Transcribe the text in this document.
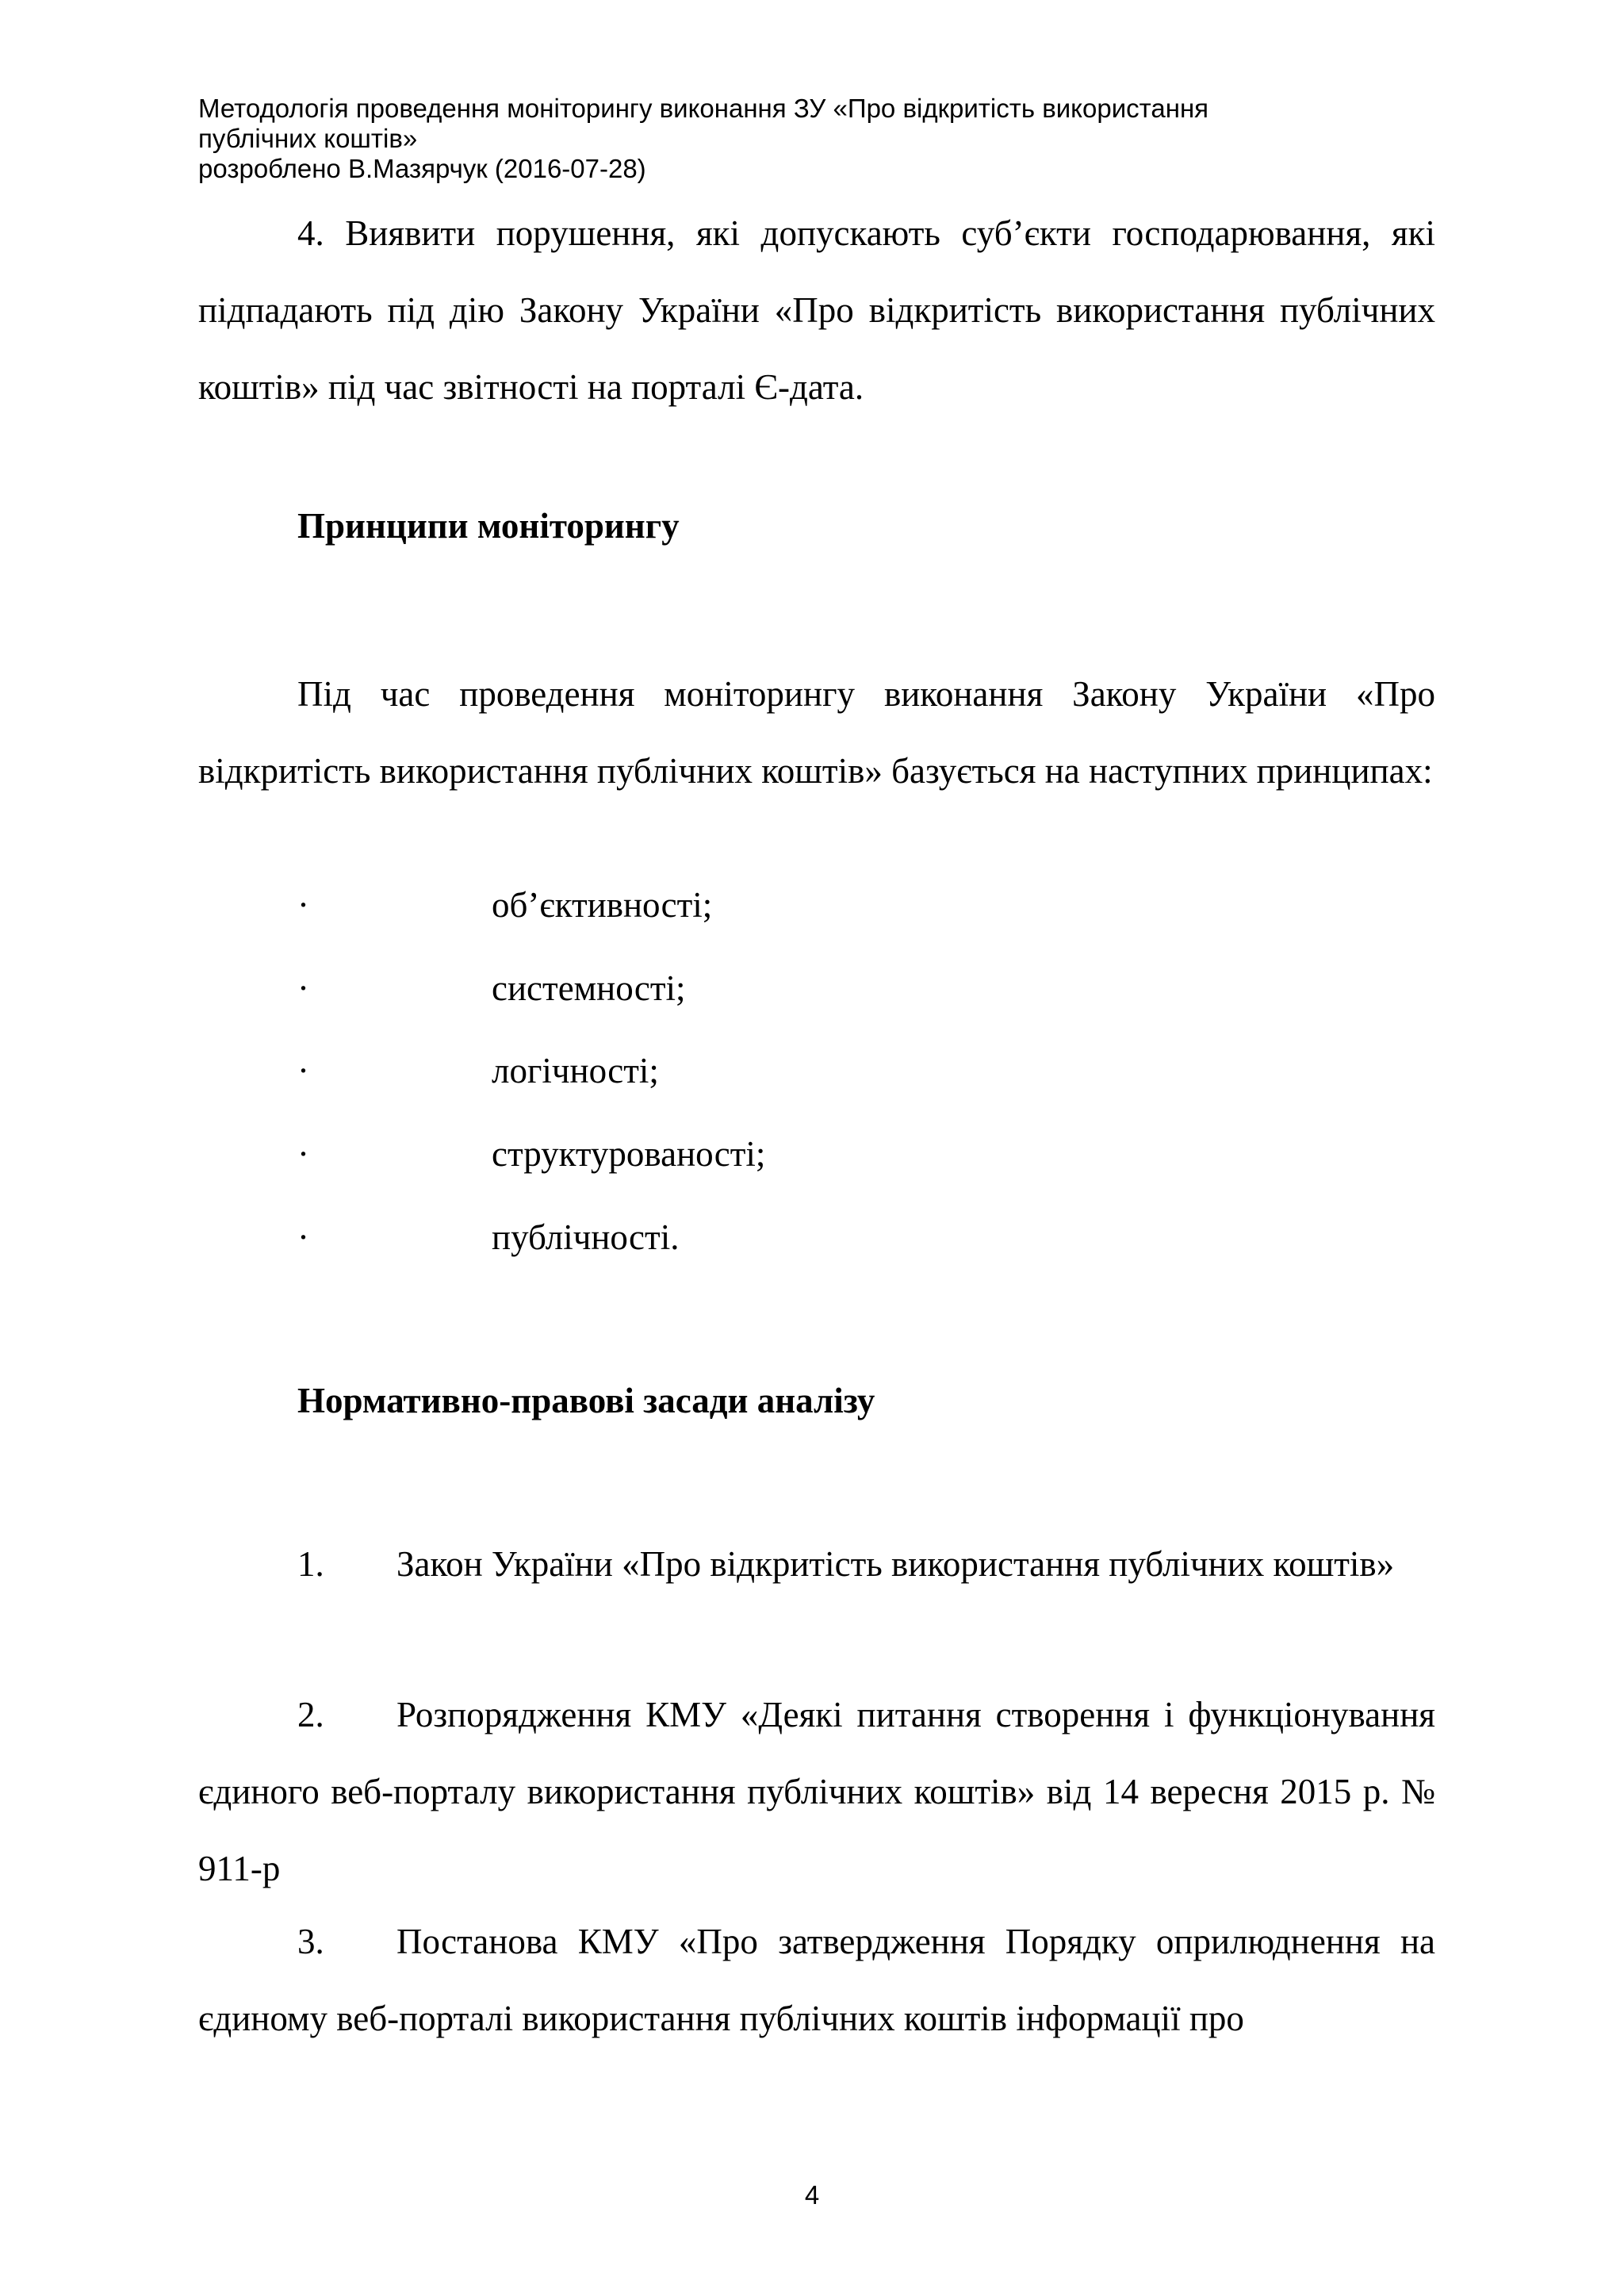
Методологія проведення моніторингу виконання ЗУ «Про відкритість використання
публічних коштів»
розроблено В.Мазярчук (2016-07-28)
4. Виявити порушення, які допускають суб’єкти господарювання, які підпадають під дію Закону України «Про відкритість використання публічних коштів» під час звітності на порталі Є-дата.
Принципи моніторингу
Під час проведення моніторингу виконання Закону України «Про відкритість використання публічних коштів» базується на наступних принципах:
·	об’єктивності;
·	системності;
·	логічності;
·	структурованості;
·	публічності.
Нормативно-правові засади аналізу
1. Закон України «Про відкритість використання публічних коштів»
2. Розпорядження КМУ «Деякі питання створення і функціонування єдиного веб-порталу використання публічних коштів» від 14 вересня 2015 р. № 911-р
3. Постанова КМУ «Про затвердження Порядку оприлюднення на єдиному веб-порталі використання публічних коштів інформації про
4
